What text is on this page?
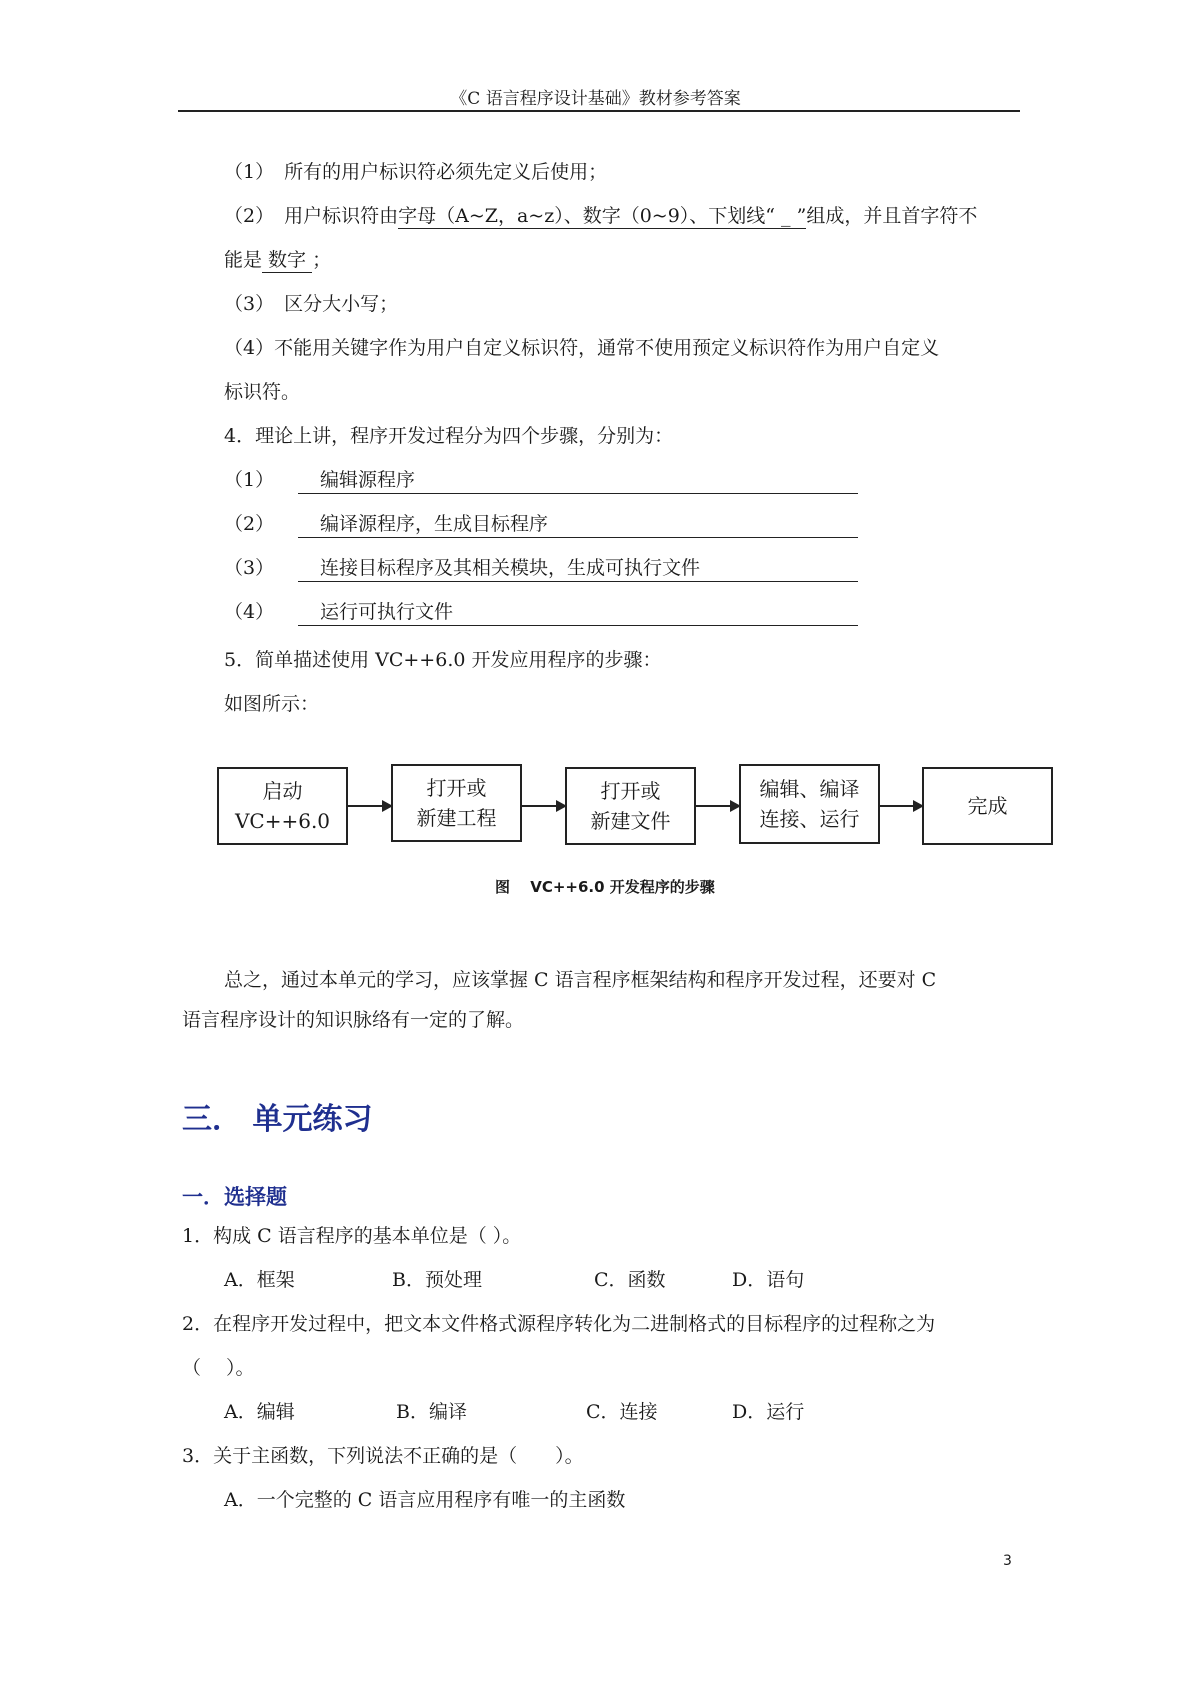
《C 语言程序设计基础》教材参考答案
（1） 所有的用户标识符必须先定义后使用；
（2） 用户标识符由字母（A~Z，a~z）、数字（0~9）、下划线“ _ ”组成，并且首字符不
能是 数字 ；
（3） 区分大小写；
（4）不能用关键字作为用户自定义标识符，通常不使用预定义标识符作为用户自定义
标识符。
4．理论上讲，程序开发过程分为四个步骤，分别为：
（1）	编辑源程序
（2）	编译源程序，生成目标程序
（3）	连接目标程序及其相关模块，生成可执行文件
（4）	运行可执行文件
5．简单描述使用 VC++6.0 开发应用程序的步骤：
如图所示：
启动
VC++6.0
打开或
新建工程
打开或
新建文件
编辑、编译
连接、运行
完成
图　 VC++6.0 开发程序的步骤
总之，通过本单元的学习，应该掌握 C 语言程序框架结构和程序开发过程，还要对 C
语言程序设计的知识脉络有一定的了解。
三． 单元练习
一．选择题
1．构成 C 语言程序的基本单位是（ ）。
A．框架	B．预处理	C．函数	D．语句
2．在程序开发过程中，把文本文件格式源程序转化为二进制格式的目标程序的过程称之为
（　 ）。
A．编辑	B．编译	C．连接	D．运行
3．关于主函数，下列说法不正确的是（　　）。
A．一个完整的 C 语言应用程序有唯一的主函数
3
